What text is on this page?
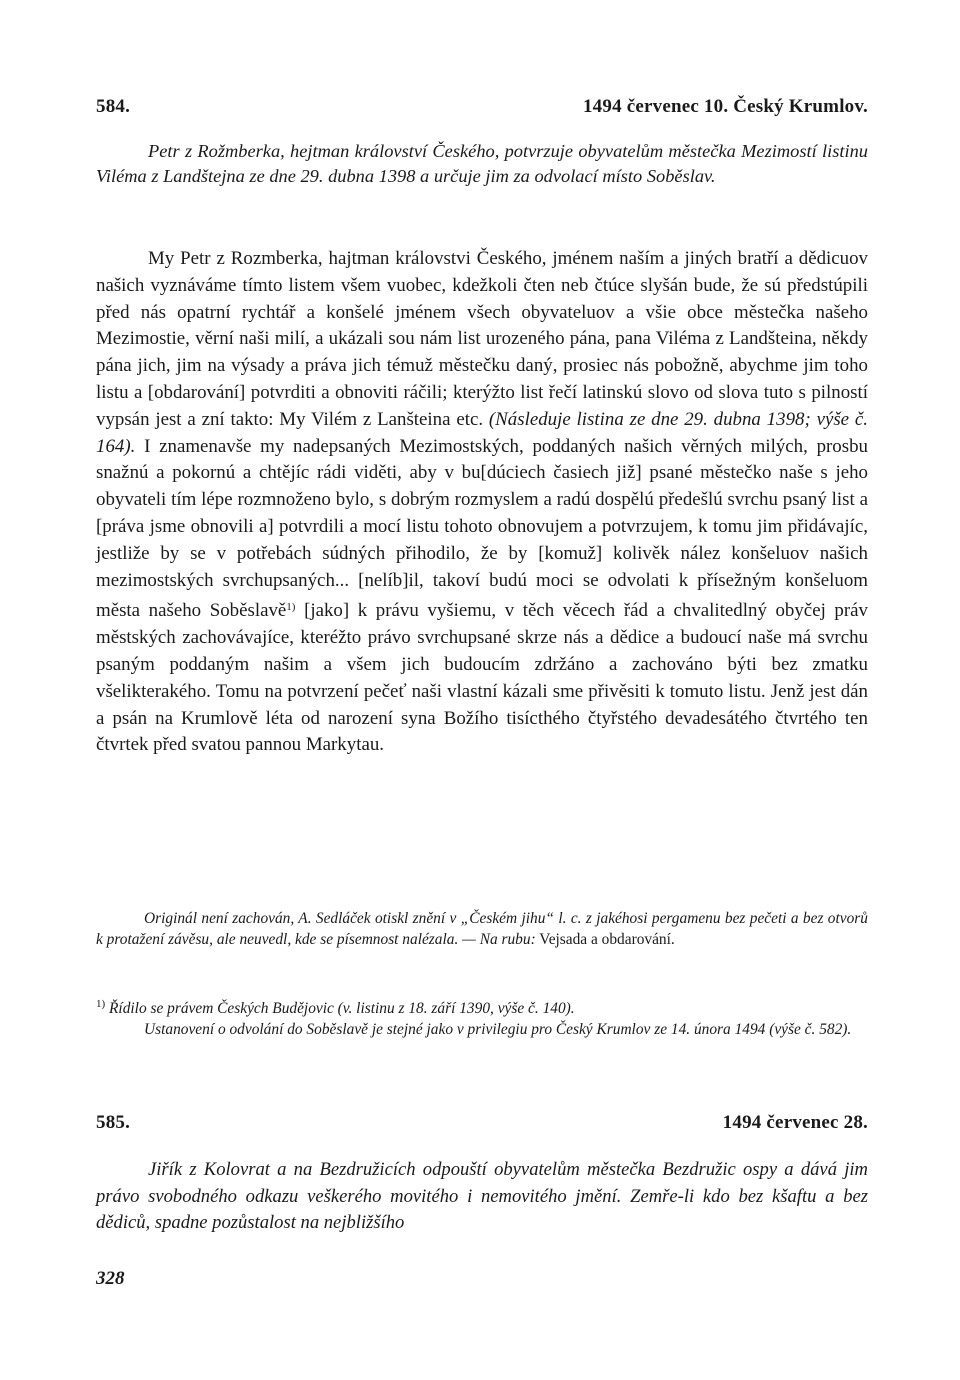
584.	1494 červenec 10. Český Krumlov.

Petr z Rožmberka, hejtman království Českého, potvrzuje obyvatelům městečka Mezimostí listinu Viléma z Landštejna ze dne 29. dubna 1398 a určuje jim za odvolací místo Soběslav.

My Petr z Rozmberka, hajtman královstvi Českého, jménem naším a jiných bratří a dědicuov našich vyznáváme tímto listem všem vuobec, kdežkoli čten neb čtúce slyšán bude, že sú předstúpili před nás opatrní rychtář a konšelé jménem všech obyvateluov a všie obce městečka našeho Mezimostie, věrní naši milí, a ukázali sou nám list urozeného pána, pana Viléma z Landšteina, někdy pána jich, jim na výsady a práva jich témuž městečku daný, prosiec nás pobožně, abychme jim toho listu a [obdarování] potvrditi a obnoviti ráčili; kterýžto list řečí latinskú slovo od slova tuto s pilností vypsán jest a zní takto: My Vilém z Lanšteina etc. (Následuje listina ze dne 29. dubna 1398; výše č. 164). I znamenavše my nadepsaných Mezimostských, poddaných našich věrných milých, prosbu snažnú a pokornú a chtějíc rádi viděti, aby v bu[dúciech časiech již] psané městečko naše s jeho obyvateli tím lépe rozmnoženo bylo, s dobrým rozmyslem a radú dospělú předešlú svrchu psaný list a [práva jsme obnovili a] potvrdili a mocí listu tohoto obnovujem a potvrzujem, k tomu jim přidávajíc, jestliže by se v potřebách súdných přihodilo, že by [komuž] kolivěk nález konšeluov našich mezimostských svrchupsaných... [nelíb]il, takoví budú moci se odvolati k přísežným konšeluom města našeho Soběslavě$^{1)}$ [jako] k právu vyšiemu, v těch věcech řád a chvalitedlný obyčej práv městských zachovávajíce, kteréžto právo svrchupsané skrze nás a dědice a budoucí naše má svrchu psaným poddaným našim a všem jich budoucím zdržáno a zachováno býti bez zmatku všelikterakého. Tomu na potvrzení pečeť naši vlastní kázali sme přivěsiti k tomuto listu. Jenž jest dán a psán na Krumlově léta od narození syna Božího tisícthého čtyřstého devadesátého čtvrtého ten čtvrtek před svatou pannou Markytau.

Originál není zachován, A. Sedláček otiskl znění v „Českém jihu“ l. c. z jakéhosi pergamenu bez pečeti a bez otvorů k protažení závěsu, ale neuvedl, kde se písemnost nalézala. — Na rubu: Vejsada a obdarování.

$^{1)}$ Řídilo se právem Českých Budějovic (v. listinu z 18. září 1390, výše č. 140).
Ustanovení o odvolání do Soběslavě je stejné jako v privilegiu pro Český Krumlov ze 14. února 1494 (výše č. 582).

585.	1494 červenec 28.

Jiřík z Kolovrat a na Bezdružicích odpouští obyvatelům městečka Bezdružic ospy a dává jim právo svobodného odkazu veškerého movitého i nemovitého jmění. Zemře-li kdo bez kšaftu a bez dědiců, spadne pozůstalost na nejbližšího

328
